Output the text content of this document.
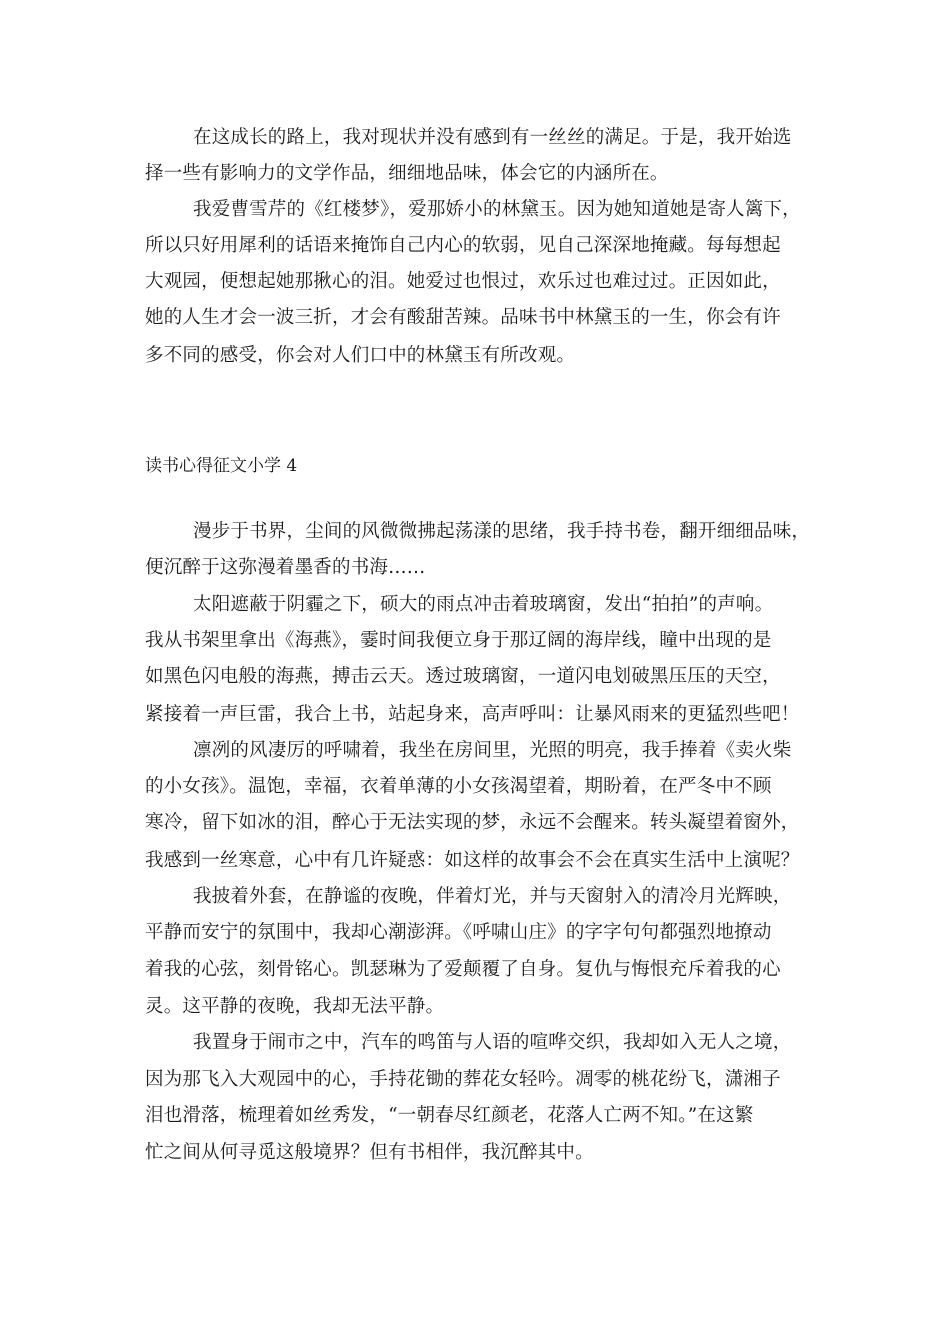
在这成长的路上，我对现状并没有感到有一丝丝的满足。于是，我开始选
择一些有影响力的文学作品，细细地品味，体会它的内涵所在。
我爱曹雪芹的《红楼梦》，爱那娇小的林黛玉。因为她知道她是寄人篱下，
所以只好用犀利的话语来掩饰自己内心的软弱，见自己深深地掩藏。每每想起
大观园，便想起她那揪心的泪。她爱过也恨过，欢乐过也难过过。正因如此，
她的人生才会一波三折，才会有酸甜苦辣。品味书中林黛玉的一生，你会有许
多不同的感受，你会对人们口中的林黛玉有所改观。
读书心得征文小学 4
漫步于书界，尘间的风微微拂起荡漾的思绪，我手持书卷，翻开细细品味，
便沉醉于这弥漫着墨香的书海……
太阳遮蔽于阴霾之下，硕大的雨点冲击着玻璃窗，发出“拍拍”的声响。
我从书架里拿出《海燕》，霎时间我便立身于那辽阔的海岸线，瞳中出现的是
如黑色闪电般的海燕，搏击云天。透过玻璃窗，一道闪电划破黑压压的天空，
紧接着一声巨雷，我合上书，站起身来，高声呼叫：让暴风雨来的更猛烈些吧！
凛冽的风凄厉的呼啸着，我坐在房间里，光照的明亮，我手捧着《卖火柴
的小女孩》。温饱，幸福，衣着单薄的小女孩渴望着，期盼着，在严冬中不顾
寒冷，留下如冰的泪，醉心于无法实现的梦，永远不会醒来。转头凝望着窗外，
我感到一丝寒意，心中有几许疑惑：如这样的故事会不会在真实生活中上演呢？
我披着外套，在静谧的夜晚，伴着灯光，并与天窗射入的清冷月光辉映，
平静而安宁的氛围中，我却心潮澎湃。《呼啸山庄》的字字句句都强烈地撩动
着我的心弦，刻骨铭心。凯瑟琳为了爱颠覆了自身。复仇与悔恨充斥着我的心
灵。这平静的夜晚，我却无法平静。
我置身于闹市之中，汽车的鸣笛与人语的喧哗交织，我却如入无人之境，
因为那飞入大观园中的心，手持花锄的葬花女轻吟。凋零的桃花纷飞，潇湘子
泪也滑落，梳理着如丝秀发，“一朝春尽红颜老，花落人亡两不知。”在这繁
忙之间从何寻觅这般境界？但有书相伴，我沉醉其中。
